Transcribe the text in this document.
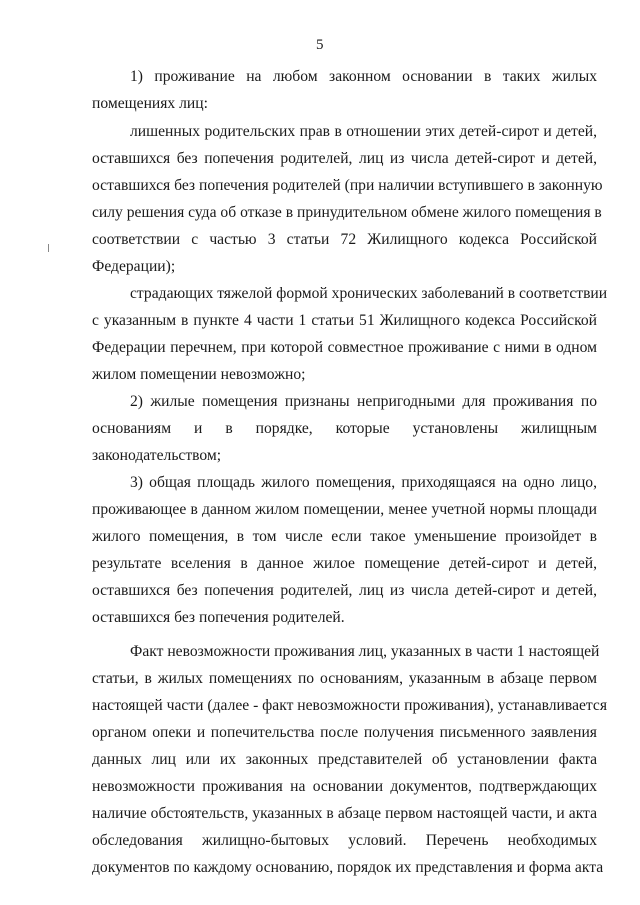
5
1) проживание на любом законном основании в таких жилых
помещениях лиц:
лишенных родительских прав в отношении этих детей-сирот и детей,
оставшихся без попечения родителей, лиц из числа детей-сирот и детей,
оставшихся без попечения родителей (при наличии вступившего в законную
силу решения суда об отказе в принудительном обмене жилого помещения в
соответствии с частью 3 статьи 72 Жилищного кодекса Российской
Федерации);
страдающих тяжелой формой хронических заболеваний в соответствии
с указанным в пункте 4 части 1 статьи 51 Жилищного кодекса Российской
Федерации перечнем, при которой совместное проживание с ними в одном
жилом помещении невозможно;
2) жилые помещения признаны непригодными для проживания по
основаниям и в порядке, которые установлены жилищным
законодательством;
3) общая площадь жилого помещения, приходящаяся на одно лицо,
проживающее в данном жилом помещении, менее учетной нормы площади
жилого помещения, в том числе если такое уменьшение произойдет в
результате вселения в данное жилое помещение детей-сирот и детей,
оставшихся без попечения родителей, лиц из числа детей-сирот и детей,
оставшихся без попечения родителей.
Факт невозможности проживания лиц, указанных в части 1 настоящей
статьи, в жилых помещениях по основаниям, указанным в абзаце первом
настоящей части (далее - факт невозможности проживания), устанавливается
органом опеки и попечительства после получения письменного заявления
данных лиц или их законных представителей об установлении факта
невозможности проживания на основании документов, подтверждающих
наличие обстоятельств, указанных в абзаце первом настоящей части, и акта
обследования жилищно-бытовых условий. Перечень необходимых
документов по каждому основанию, порядок их представления и форма акта
